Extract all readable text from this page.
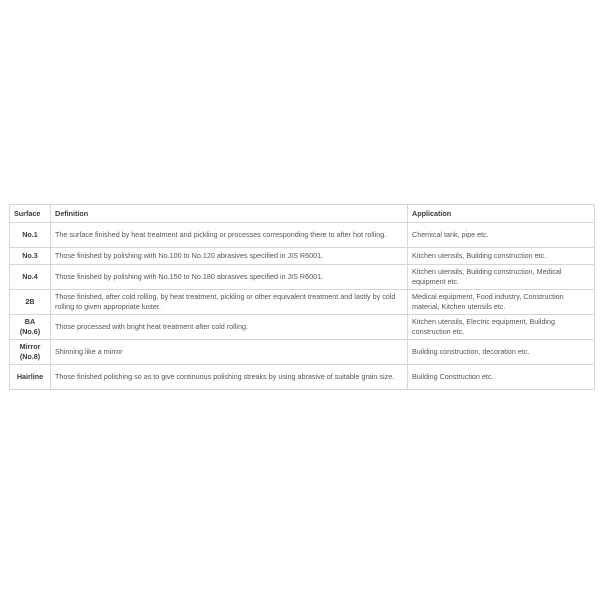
Surface	Definition	Application
No.1	The surface finished by heat treatment and pickling or processes corresponding there to after hot rolling.	Chemical tank, pipe etc.
No.3	Those finished by polishing with No.100 to No.120 abrasives specified in JIS R6001.	Kitchen utensils, Building construction etc.
No.4	Those finished by polishing with No.150 to No.180 abrasives specified in JIS R6001.	Kitchen utensils, Building construction, Medical equipment etc.
2B	Those finished, after cold rolling, by heat treatment, pickling or other equivalent treatment and lastly by cold rolling to given appropriate luster.	Medical equipment, Food industry, Construction material, Kitchen utensils etc.
BA (No.6)	Those processed with bright heat treatment after cold rolling.	Kitchen utensils, Electric equipment, Building construction etc.
Mirror (No.8)	Shinning like a mirror	Building construction, decoration etc.
Hairline	Those finished polishing so as to give continuous polishing streaks by using abrasive of suitable grain size.	Building Construction etc.
